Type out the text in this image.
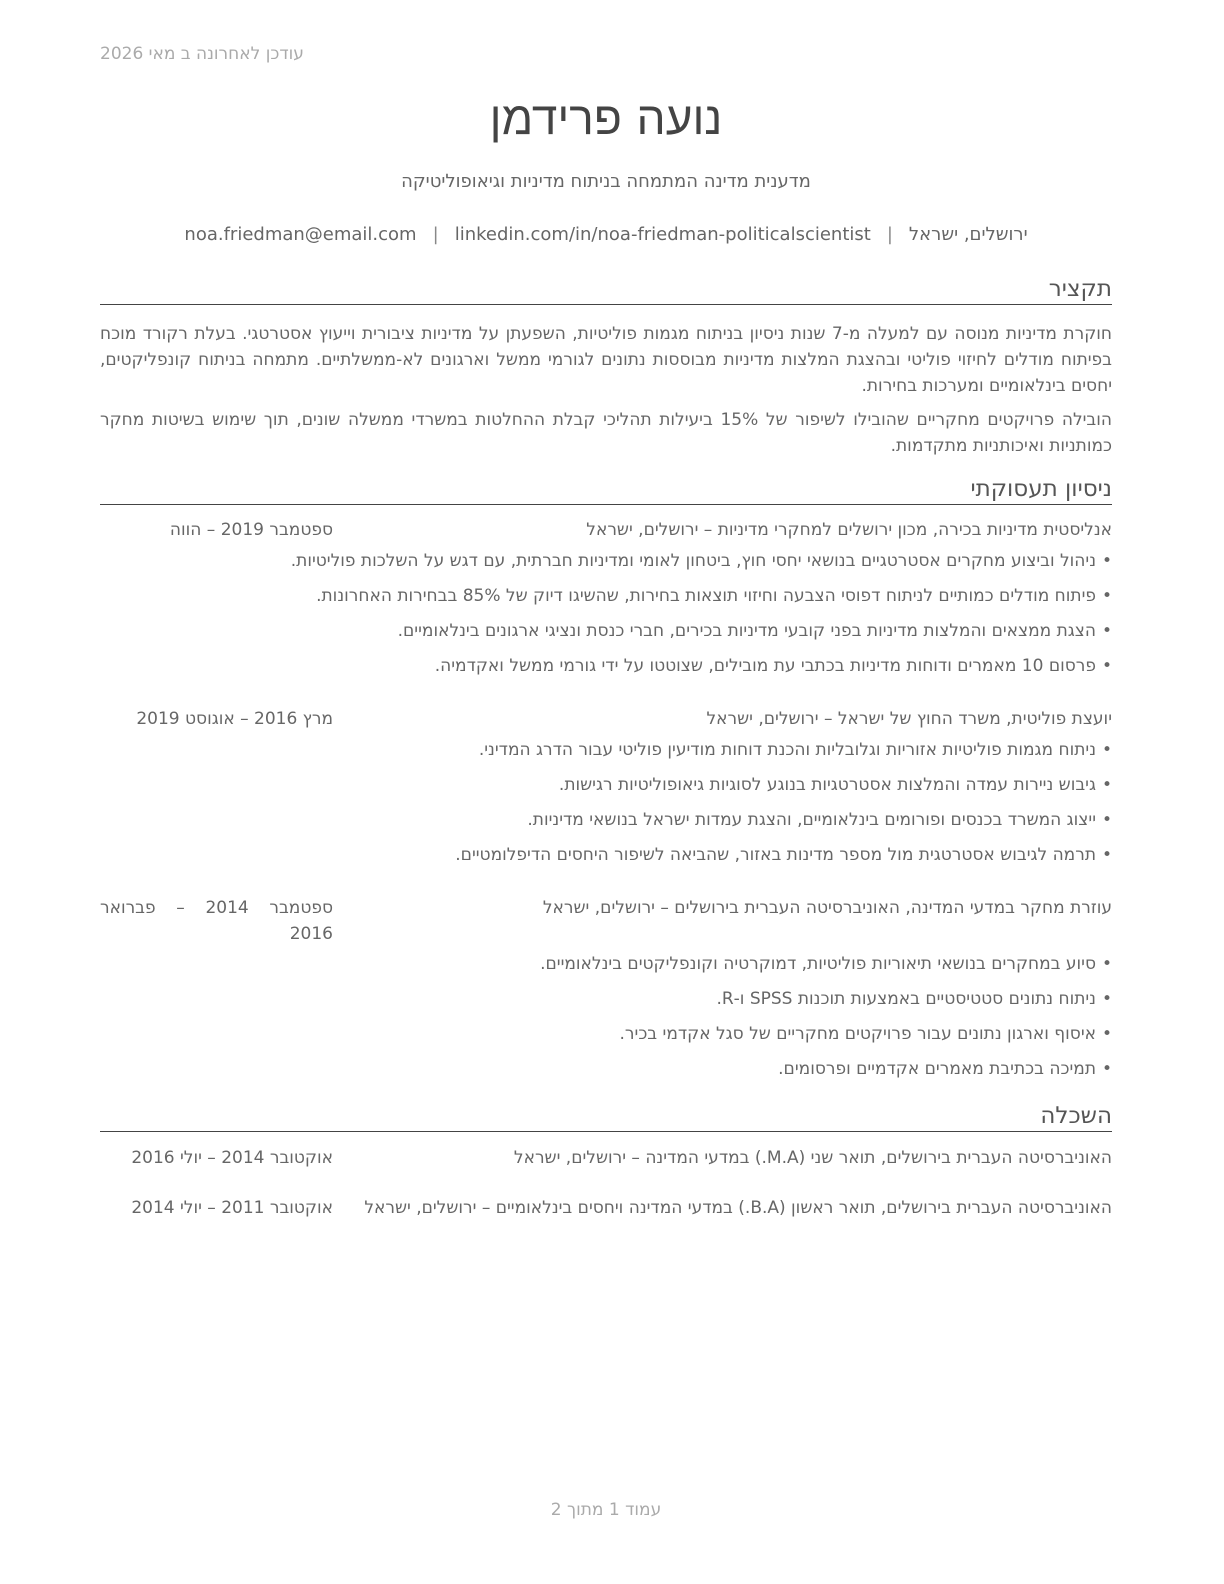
עודכן לאחרונה ב מאי 2026
נועה פרידמן
מדענית מדינה המתמחה בניתוח מדיניות וגיאופוליטיקה
ירושלים, ישראל|noa.friedman@email.com | linkedin.com/in/noa-friedman-politicalscientist
תקציר

חוקרת מדיניות מנוסה עם למעלה מ-7 שנות ניסיון בניתוח מגמות פוליטיות, השפעתן על מדיניות ציבורית וייעוץ אסטרטגי. בעלת רקורד מוכח בפיתוח מודלים לחיזוי פוליטי ובהצגת המלצות מדיניות מבוססות נתונים לגורמי ממשל וארגונים לא-ממשלתיים. מתמחה בניתוח קונפליקטים, יחסים בינלאומיים ומערכות בחירות.

הובילה פרויקטים מחקריים שהובילו לשיפור של 15% ביעילות תהליכי קבלת ההחלטות במשרדי ממשלה שונים, תוך שימוש בשיטות מחקר כמותניות ואיכותניות מתקדמות.

ניסיון תעסוקתי
אנליסטית מדיניות בכירה, מכון ירושלים למחקרי מדיניות – ירושלים, ישראל
ספטמבר 2019 – הווה
• ניהול וביצוע מחקרים אסטרטגיים בנושאי יחסי חוץ, ביטחון לאומי ומדיניות חברתית, עם דגש על השלכות פוליטיות.
• פיתוח מודלים כמותיים לניתוח דפוסי הצבעה וחיזוי תוצאות בחירות, שהשיגו דיוק של 85% בבחירות האחרונות.
• הצגת ממצאים והמלצות מדיניות בפני קובעי מדיניות בכירים, חברי כנסת ונציגי ארגונים בינלאומיים.
• פרסום 10 מאמרים ודוחות מדיניות בכתבי עת מובילים, שצוטטו על ידי גורמי ממשל ואקדמיה.
יועצת פוליטית, משרד החוץ של ישראל – ירושלים, ישראל
מרץ 2016 – אוגוסט 2019
• ניתוח מגמות פוליטיות אזוריות וגלובליות והכנת דוחות מודיעין פוליטי עבור הדרג המדיני.
• גיבוש ניירות עמדה והמלצות אסטרטגיות בנוגע לסוגיות גיאופוליטיות רגישות.
• ייצוג המשרד בכנסים ופורומים בינלאומיים, והצגת עמדות ישראל בנושאי מדיניות.
• תרמה לגיבוש אסטרטגית מול מספר מדינות באזור, שהביאה לשיפור היחסים הדיפלומטיים.
עוזרת מחקר במדעי המדינה, האוניברסיטה העברית בירושלים – ירושלים, ישראל
ספטמבר 2014 – פברואר 2016
• סיוע במחקרים בנושאי תיאוריות פוליטיות, דמוקרטיה וקונפליקטים בינלאומיים.
• ניתוח נתונים סטטיסטיים באמצעות תוכנות SPSS ו-R.
• איסוף וארגון נתונים עבור פרויקטים מחקריים של סגל אקדמי בכיר.
• תמיכה בכתיבת מאמרים אקדמיים ופרסומים.
השכלה
האוניברסיטה העברית בירושלים, תואר שני (M.A.) במדעי המדינה – ירושלים, ישראל
אוקטובר 2014 – יולי 2016
האוניברסיטה העברית בירושלים, תואר ראשון (B.A.) במדעי המדינה ויחסים בינלאומיים – ירושלים, ישראל
אוקטובר 2011 – יולי 2014
עמוד 1 מתוך 2
